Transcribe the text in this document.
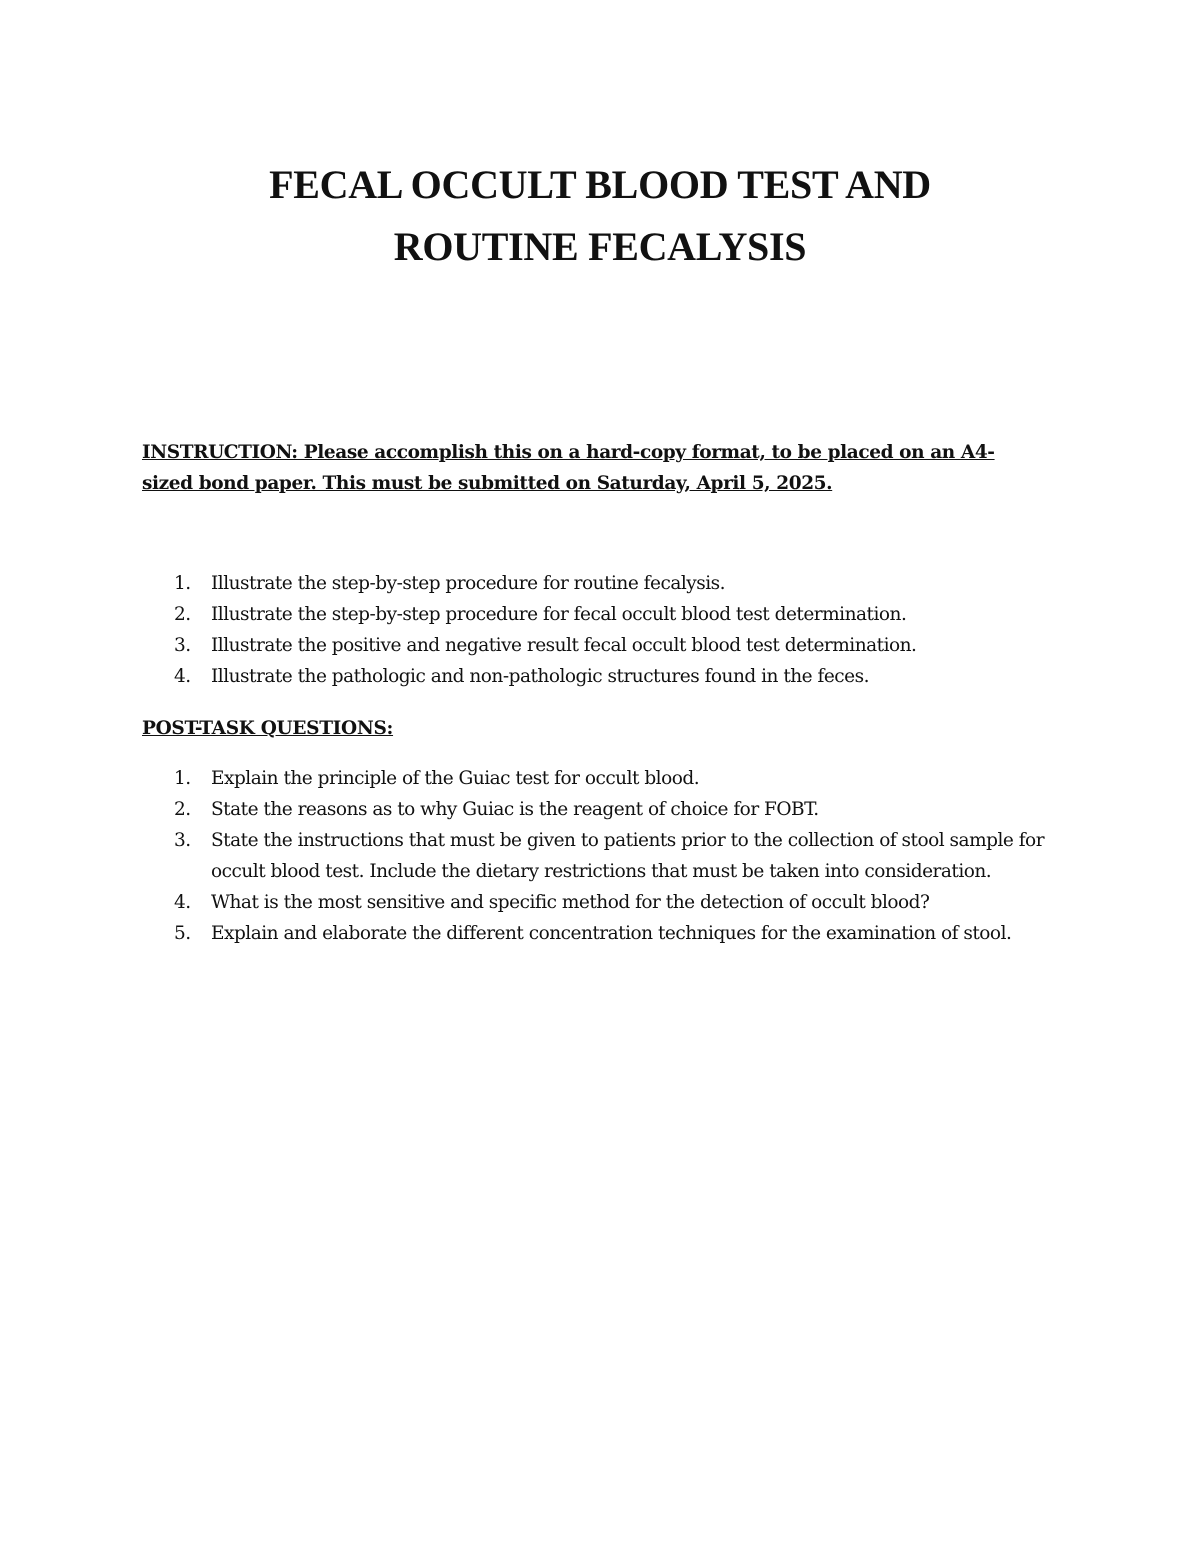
FECAL OCCULT BLOOD TEST AND
ROUTINE FECALYSIS
INSTRUCTION: Please accomplish this on a hard-copy format, to be placed on an A4-sized bond paper. This must be submitted on Saturday, April 5, 2025.
1. Illustrate the step-by-step procedure for routine fecalysis.
2. Illustrate the step-by-step procedure for fecal occult blood test determination.
3. Illustrate the positive and negative result fecal occult blood test determination.
4. Illustrate the pathologic and non-pathologic structures found in the feces.
POST-TASK QUESTIONS:
1. Explain the principle of the Guiac test for occult blood.
2. State the reasons as to why Guiac is the reagent of choice for FOBT.
3. State the instructions that must be given to patients prior to the collection of stool sample for occult blood test. Include the dietary restrictions that must be taken into consideration.
4. What is the most sensitive and specific method for the detection of occult blood?
5. Explain and elaborate the different concentration techniques for the examination of stool.
